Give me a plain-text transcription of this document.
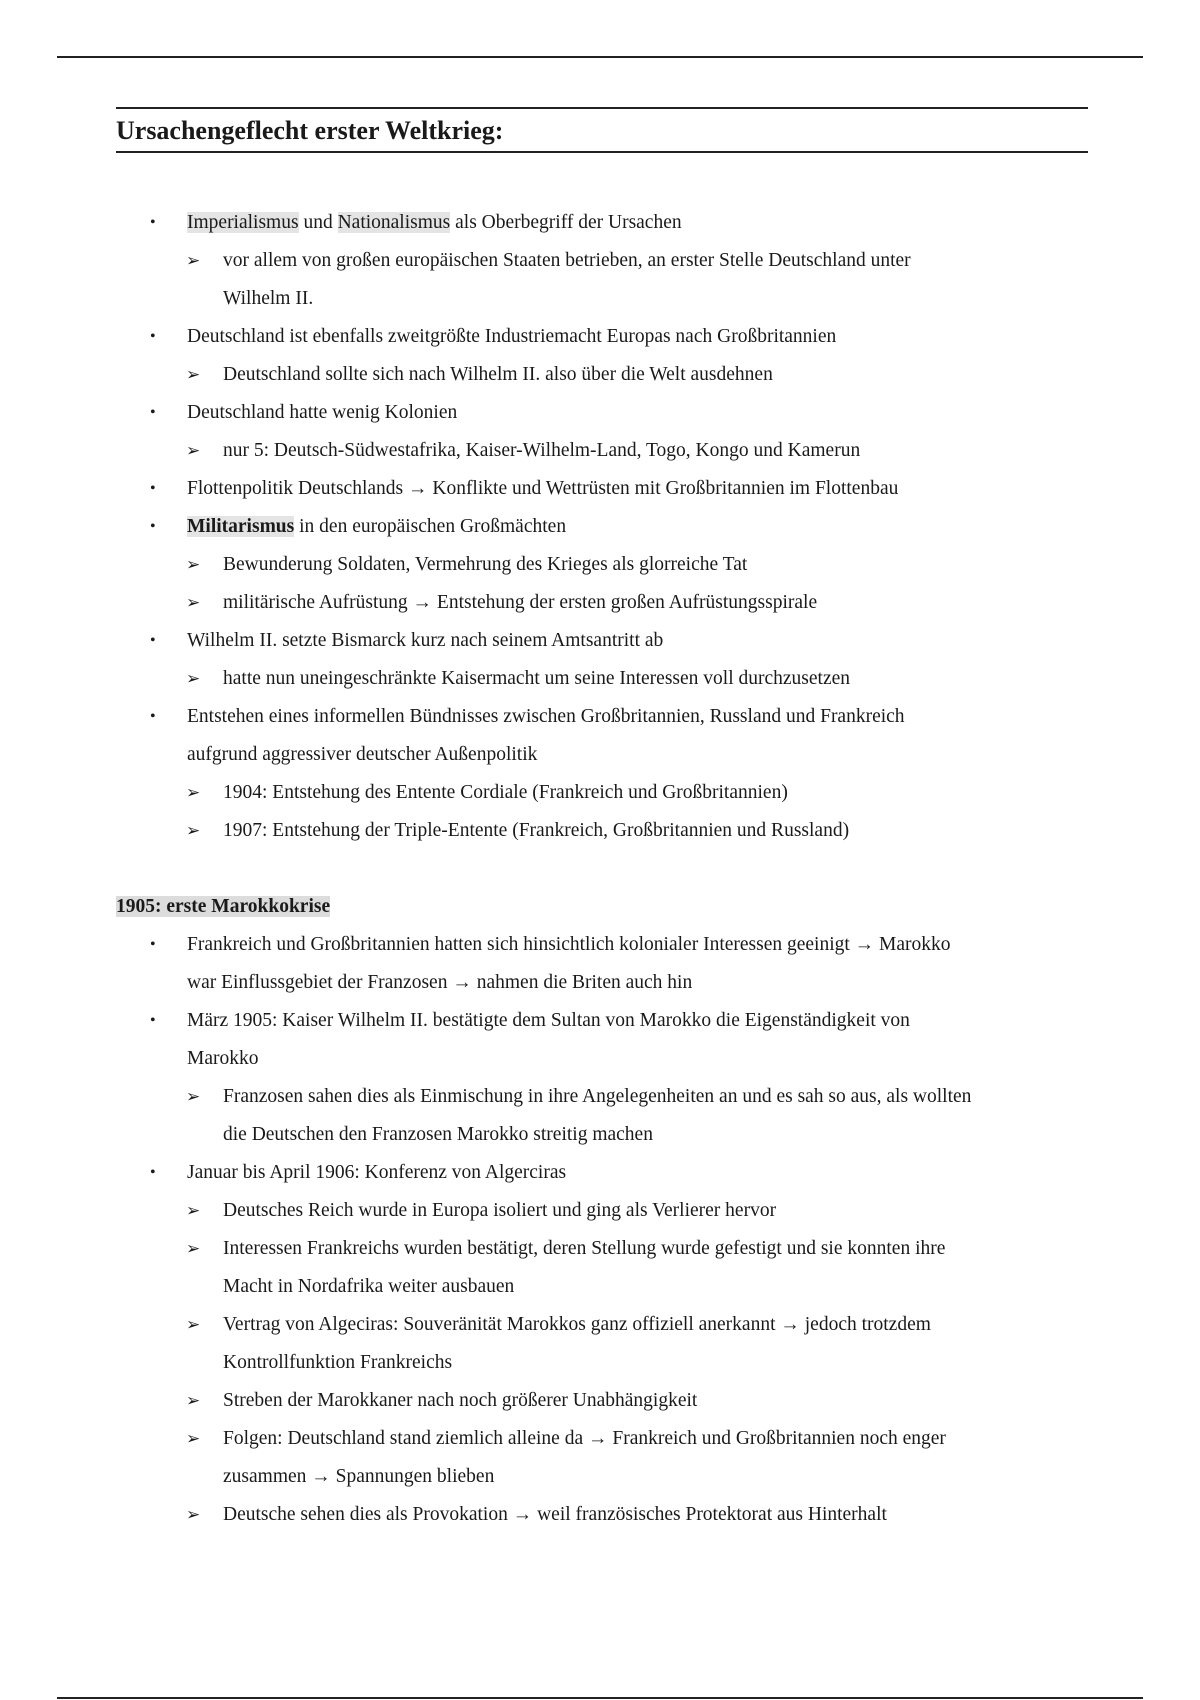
Ursachengeflecht erster Weltkrieg:
•	Imperialismus und Nationalismus als Oberbegriff der Ursachen
➢ vor allem von großen europäischen Staaten betrieben, an erster Stelle Deutschland unter
Wilhelm II.
•	Deutschland ist ebenfalls zweitgrößte Industriemacht Europas nach Großbritannien
➢ Deutschland sollte sich nach Wilhelm II. also über die Welt ausdehnen
•	Deutschland hatte wenig Kolonien
➢ nur 5: Deutsch-Südwestafrika, Kaiser-Wilhelm-Land, Togo, Kongo und Kamerun
•	Flottenpolitik Deutschlands → Konflikte und Wettrüsten mit Großbritannien im Flottenbau
•	Militarismus in den europäischen Großmächten
➢ Bewunderung Soldaten, Vermehrung des Krieges als glorreiche Tat
➢ militärische Aufrüstung → Entstehung der ersten großen Aufrüstungsspirale
•	Wilhelm II. setzte Bismarck kurz nach seinem Amtsantritt ab
➢ hatte nun uneingeschränkte Kaisermacht um seine Interessen voll durchzusetzen
•	Entstehen eines informellen Bündnisses zwischen Großbritannien, Russland und Frankreich
aufgrund aggressiver deutscher Außenpolitik
➢ 1904: Entstehung des Entente Cordiale (Frankreich und Großbritannien)
➢ 1907: Entstehung der Triple-Entente (Frankreich, Großbritannien und Russland)
1905: erste Marokkokrise
•	Frankreich und Großbritannien hatten sich hinsichtlich kolonialer Interessen geeinigt → Marokko
war Einflussgebiet der Franzosen → nahmen die Briten auch hin
•	März 1905: Kaiser Wilhelm II. bestätigte dem Sultan von Marokko die Eigenständigkeit von
Marokko
➢ Franzosen sahen dies als Einmischung in ihre Angelegenheiten an und es sah so aus, als wollten
die Deutschen den Franzosen Marokko streitig machen
•	Januar bis April 1906: Konferenz von Algerciras
➢ Deutsches Reich wurde in Europa isoliert und ging als Verlierer hervor
➢ Interessen Frankreichs wurden bestätigt, deren Stellung wurde gefestigt und sie konnten ihre
Macht in Nordafrika weiter ausbauen
➢ Vertrag von Algeciras: Souveränität Marokkos ganz offiziell anerkannt → jedoch trotzdem
Kontrollfunktion Frankreichs
➢ Streben der Marokkaner nach noch größerer Unabhängigkeit
➢ Folgen: Deutschland stand ziemlich alleine da → Frankreich und Großbritannien noch enger
zusammen → Spannungen blieben
➢ Deutsche sehen dies als Provokation → weil französisches Protektorat aus Hinterhalt
